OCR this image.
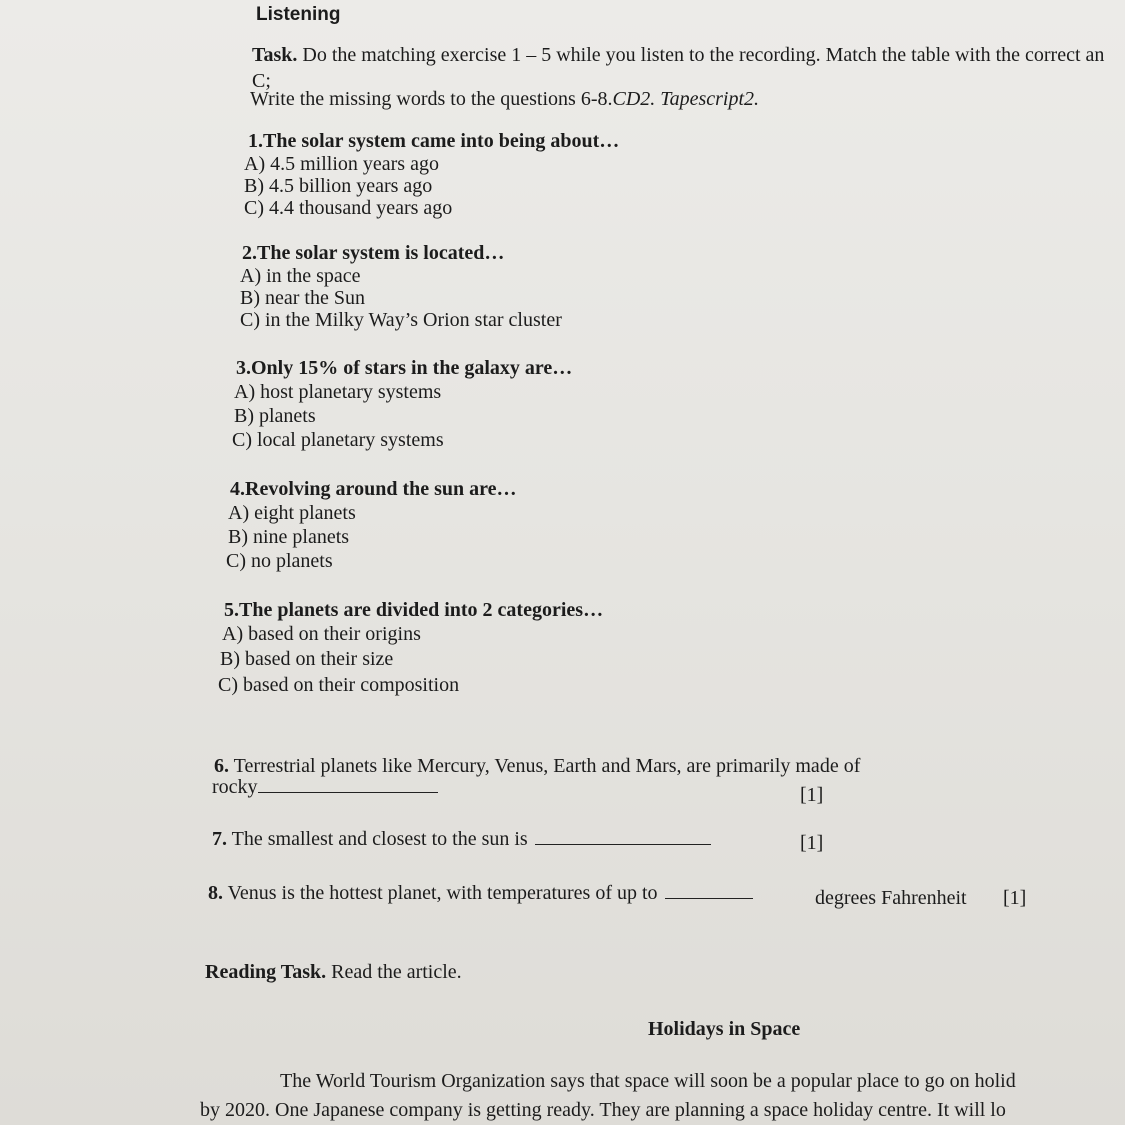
Listening
Task. Do the matching exercise 1 – 5 while you listen to the recording. Match the table with the correct an
C;
Write the missing words to the questions 6-8.CD2. Tapescript2.
1.The solar system came into being about…
A) 4.5 million years ago
B) 4.5 billion years ago
C) 4.4 thousand years ago
2.The solar system is located…
A) in the space
B) near the Sun
C) in the Milky Way’s Orion star cluster
3.Only 15% of stars in the galaxy are…
A) host planetary systems
B) planets
C) local planetary systems
4.Revolving around the sun are…
A) eight planets
B) nine planets
C) no planets
5.The planets are divided into 2 categories…
A) based on their origins
B) based on their size
C) based on their composition
6. Terrestrial planets like Mercury, Venus, Earth and Mars, are primarily made of
rocky	[1]
7. The smallest and closest to the sun is	[1]
8. Venus is the hottest planet, with temperatures of up to	degrees Fahrenheit [1]
Reading Task. Read the article.
Holidays in Space
The World Tourism Organization says that space will soon be a popular place to go on holid
by 2020. One Japanese company is getting ready. They are planning a space holiday centre. It will lo
